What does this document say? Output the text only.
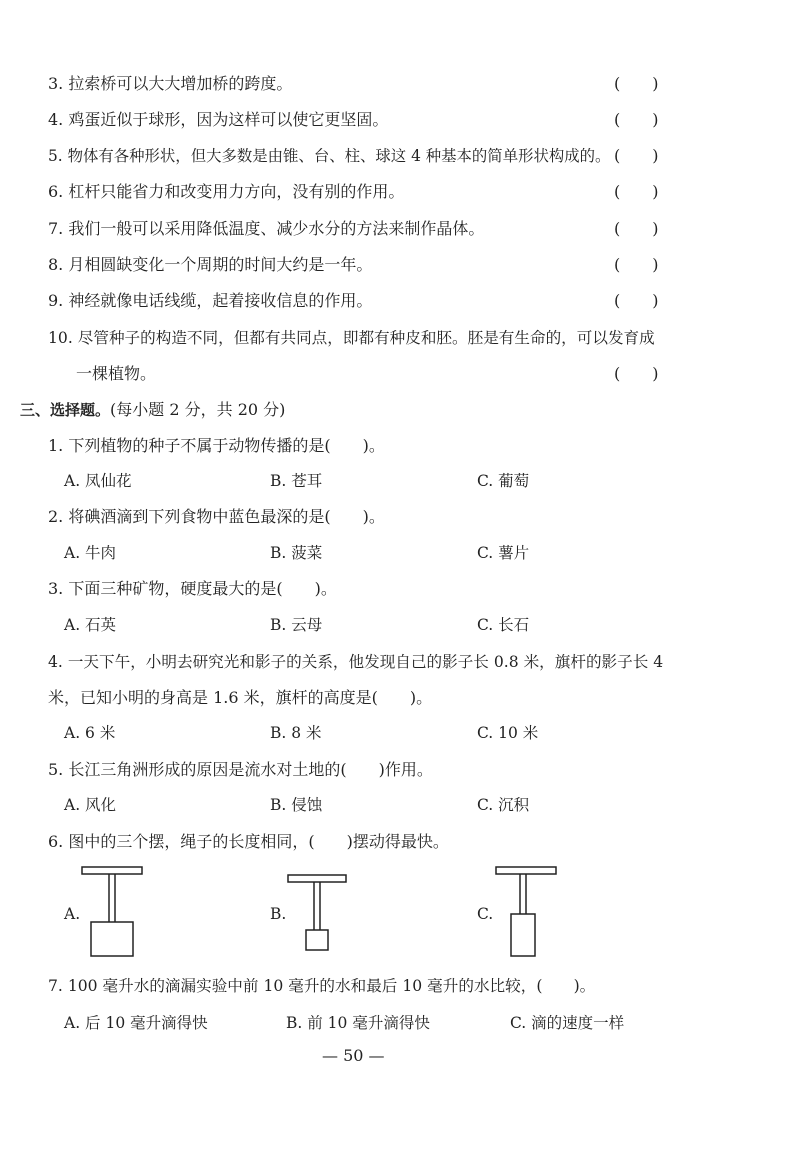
3. 拉索桥可以大大增加桥的跨度。	(　　)
4. 鸡蛋近似于球形，因为这样可以使它更坚固。	(　　)
5. 物体有各种形状，但大多数是由锥、台、柱、球这 4 种基本的简单形状构成的。 (　　)
6. 杠杆只能省力和改变用力方向，没有别的作用。	(　　)
7. 我们一般可以采用降低温度、减少水分的方法来制作晶体。	(　　)
8. 月相圆缺变化一个周期的时间大约是一年。	(　　)
9. 神经就像电话线缆，起着接收信息的作用。	(　　)
10. 尽管种子的构造不同，但都有共同点，即都有种皮和胚。胚是有生命的，可以发育成
一棵植物。	(　　)
三、选择题。(每小题 2 分，共 20 分)
1. 下列植物的种子不属于动物传播的是(　　)。
A. 凤仙花	B. 苍耳	C. 葡萄
2. 将碘酒滴到下列食物中蓝色最深的是(　　)。
A. 牛肉	B. 菠菜	C. 薯片
3. 下面三种矿物，硬度最大的是(　　)。
A. 石英	B. 云母	C. 长石
4. 一天下午，小明去研究光和影子的关系，他发现自己的影子长 0.8 米，旗杆的影子长 4
米，已知小明的身高是 1.6 米，旗杆的高度是(　　)。
A. 6 米	B. 8 米	C. 10 米
5. 长江三角洲形成的原因是流水对土地的(　　)作用。
A. 风化	B. 侵蚀	C. 沉积
6. 图中的三个摆，绳子的长度相同，(　　)摆动得最快。
A.	B.	C.
7. 100 毫升水的滴漏实验中前 10 毫升的水和最后 10 毫升的水比较，(　　)。
A. 后 10 毫升滴得快	B. 前 10 毫升滴得快	C. 滴的速度一样
— 50 —
